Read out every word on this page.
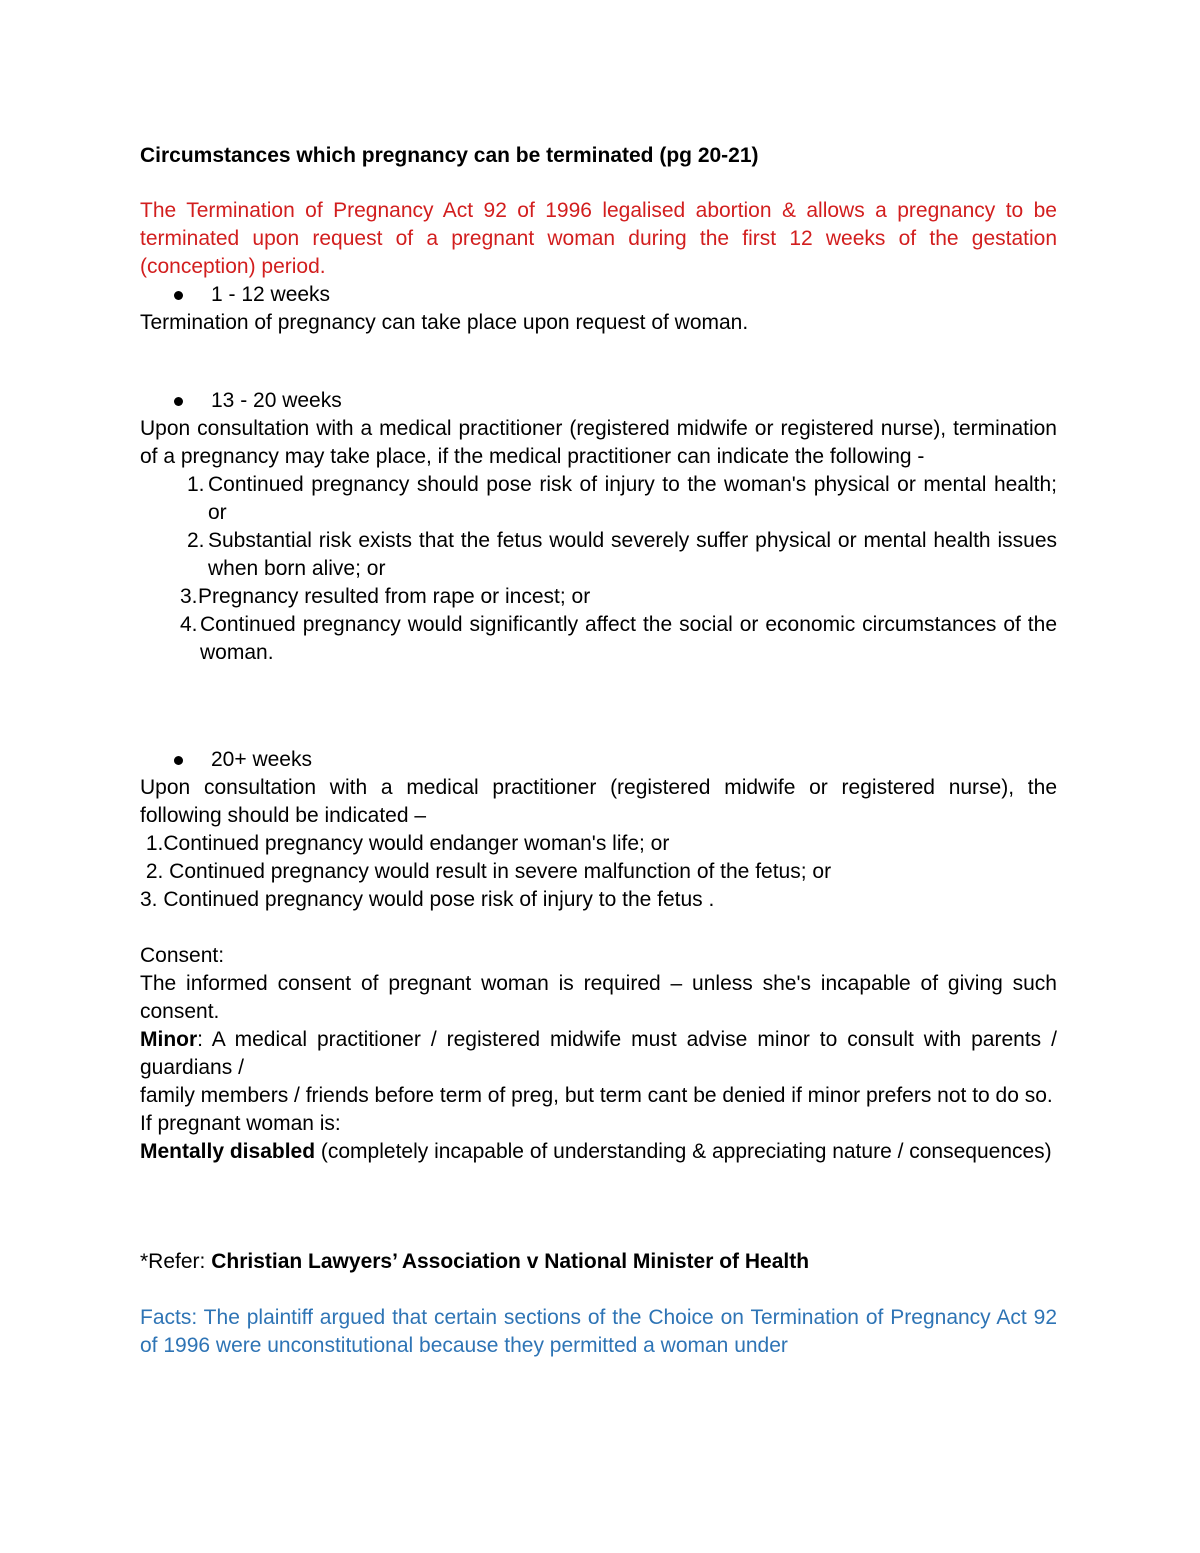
Circumstances which pregnancy can be terminated (pg 20-21)

The Termination of Pregnancy Act 92 of 1996 legalised abortion & allows a pregnancy to be terminated upon request of a pregnant woman during the first 12 weeks of the gestation (conception) period.

1 - 12 weeks

Termination of pregnancy can take place upon request of woman.

13 - 20 weeks

Upon consultation with a medical practitioner (registered midwife or registered nurse), termination of a pregnancy may take place, if the medical practitioner can indicate the following -

1. Continued pregnancy should pose risk of injury to the woman's physical or mental health; or
2. Substantial risk exists that the fetus would severely suffer physical or mental health issues when born alive; or
3. Pregnancy resulted from rape or incest; or
4. Continued pregnancy would significantly affect the social or economic circumstances of the woman.
20+ weeks

Upon consultation with a medical practitioner (registered midwife or registered nurse), the following should be indicated –

1.Continued pregnancy would endanger woman's life; or
2. Continued pregnancy would result in severe malfunction of the fetus; or
3. Continued pregnancy would pose risk of injury to the fetus .

Consent:

The informed consent of pregnant woman is required – unless she's incapable of giving such consent.

Minor: A medical practitioner / registered midwife must advise minor to consult with parents / guardians /

family members / friends before term of preg, but term cant be denied if minor prefers not to do so.

If pregnant woman is:

Mentally disabled (completely incapable of understanding & appreciating nature / consequences)

*Refer: Christian Lawyers’ Association v National Minister of Health

Facts: The plaintiff argued that certain sections of the Choice on Termination of Pregnancy Act 92 of 1996 were unconstitutional because they permitted a woman under
